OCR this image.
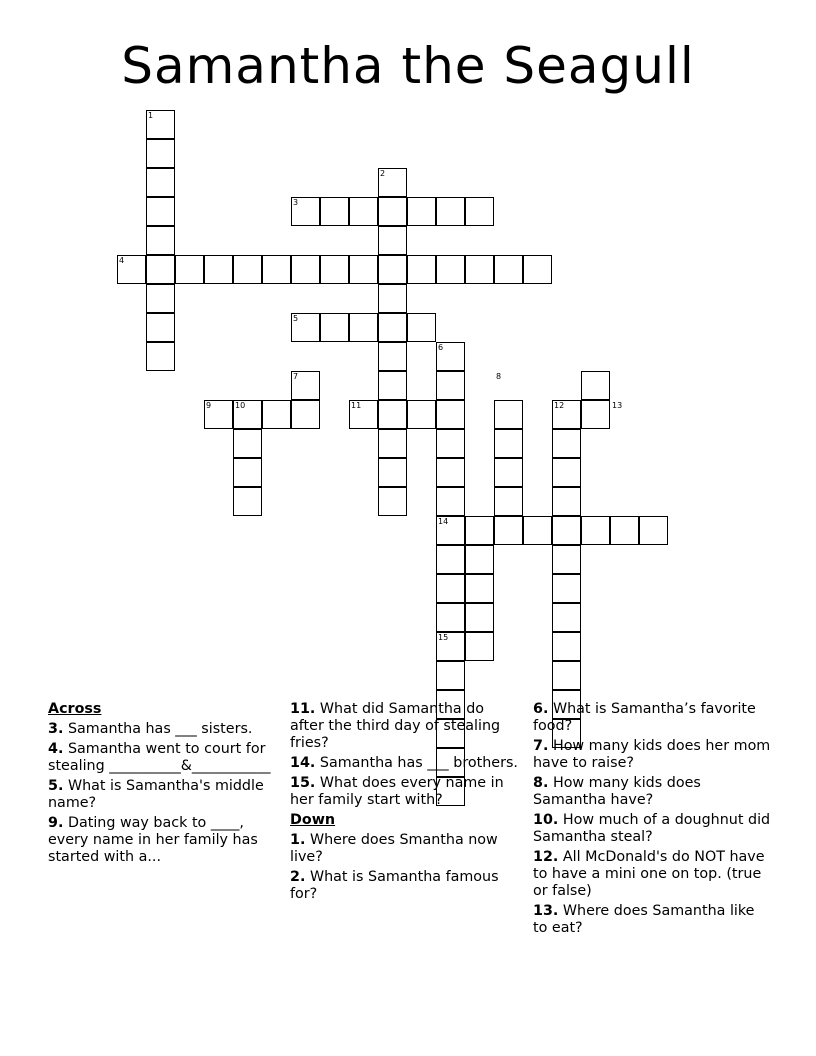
Samantha the Seagull
1
2
3
4
5
6
7	8
9	10	11	12	13
14
15
Across
3. Samantha has ___ sisters.
4. Samantha went to court for stealing __________&___________
5. What is Samantha's middle name?
9. Dating way back to ____, every name in her family has started with a...
11. What did Samantha do after the third day of stealing fries?
14. Samantha has ___ brothers.
15. What does every name in her family start with?
Down
1. Where does Smantha now live?
2. What is Samantha famous for?
6. What is Samantha’s favorite food?
7. How many kids does her mom have to raise?
8. How many kids does Samantha have?
10. How much of a doughnut did Samantha steal?
12. All McDonald's do NOT have to have a mini one on top. (true or false)
13. Where does Samantha like to eat?
